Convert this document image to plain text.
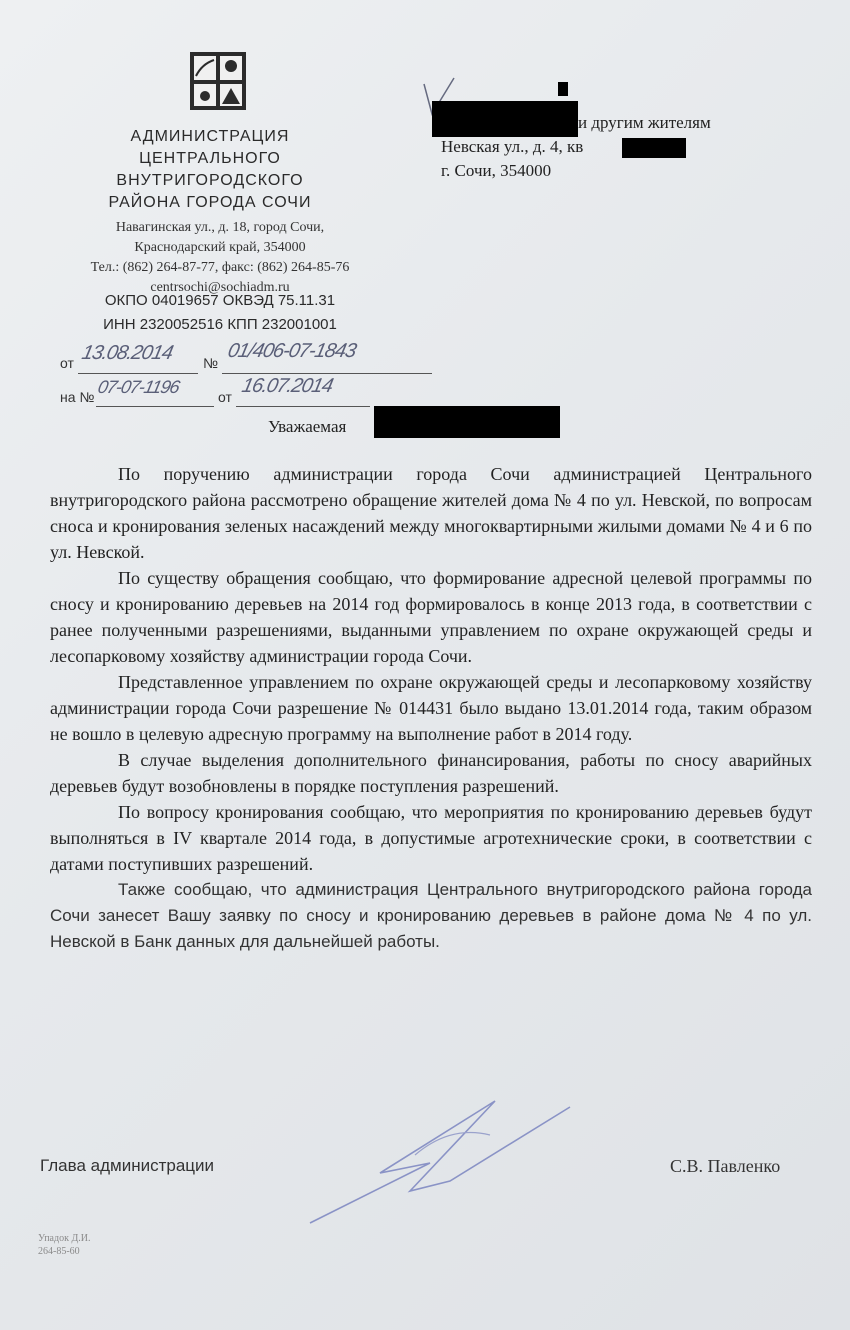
АДМИНИСТРАЦИЯ
ЦЕНТРАЛЬНОГО
ВНУТРИГОРОДСКОГО
РАЙОНА ГОРОДА СОЧИ
Навагинская ул., д. 18, город Сочи,
Краснодарский край, 354000
Тел.: (862) 264-87-77, факс: (862) 264-85-76
centrsochi@sochiadm.ru
ОКПО 04019657 ОКВЭД 75.11.31
ИНН 2320052516 КПП 232001001
от 13.08.2014 №
01/406-07-1843
на № 07-07-1196	от 16.07.2014
и другим жителям
Невская ул., д. 4, кв
г. Сочи, 354000
Уважаемая

По поручению администрации города Сочи администрацией Центрального внутригородского района рассмотрено обращение жителей дома № 4 по ул. Невской, по вопросам сноса и кронирования зеленых насаждений между многоквартирными жилыми домами № 4 и 6 по ул. Невской.

По существу обращения сообщаю, что формирование адресной целевой программы по сносу и кронированию деревьев на 2014 год формировалось в конце 2013 года, в соответствии с ранее полученными разрешениями, выданными управлением по охране окружающей среды и лесопарковому хозяйству администрации города Сочи.

Представленное управлением по охране окружающей среды и лесопарковому хозяйству администрации города Сочи разрешение № 014431 было выдано 13.01.2014 года, таким образом не вошло в целевую адресную программу на выполнение работ в 2014 году.

В случае выделения дополнительного финансирования, работы по сносу аварийных деревьев будут возобновлены в порядке поступления разрешений.

По вопросу кронирования сообщаю, что мероприятия по кронированию деревьев будут выполняться в IV квартале 2014 года, в допустимые агротехнические сроки, в соответствии с датами поступивших разрешений.

Также сообщаю, что администрация Центрального внутригородского района города Сочи занесет Вашу заявку по сносу и кронированию деревьев в районе дома № 4 по ул. Невской в Банк данных для дальнейшей работы.

Глава администрации	С.В. Павленко
Упадок Д.И.
264-85-60
